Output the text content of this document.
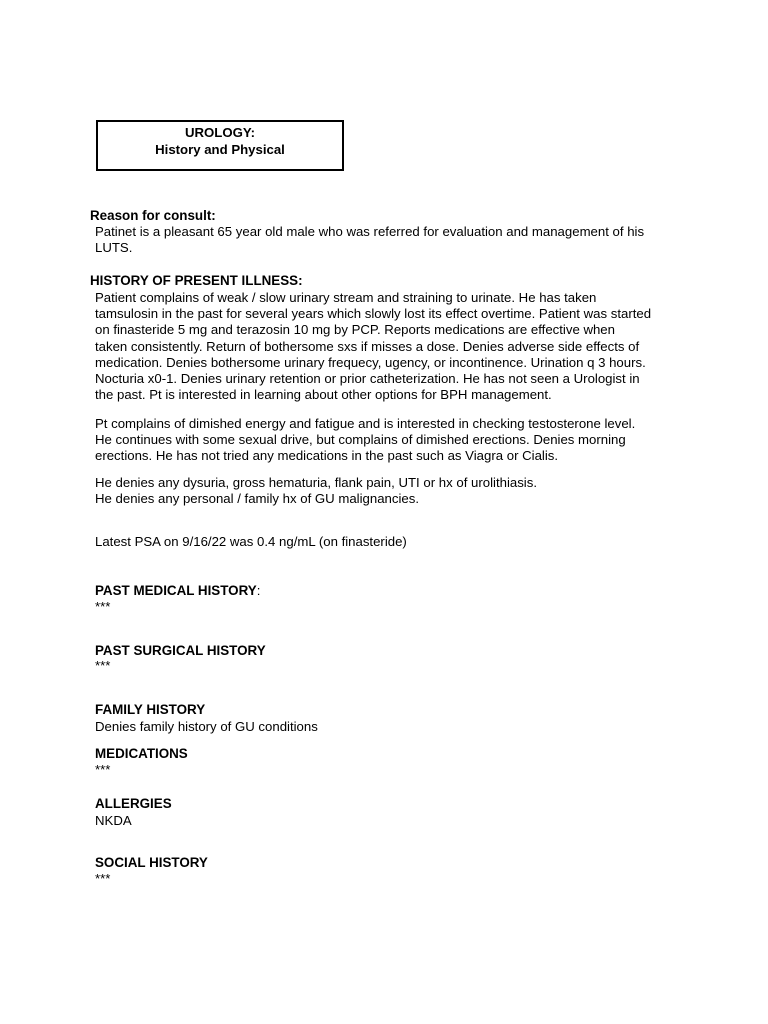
UROLOGY:
History and Physical
Reason for consult:
Patinet is a pleasant 65 year old male who was referred for evaluation and management of his
LUTS.
HISTORY OF PRESENT ILLNESS:
Patient complains of weak / slow urinary stream and straining to urinate. He has taken
tamsulosin in the past for several years which slowly lost its effect overtime. Patient was started
on finasteride 5 mg and terazosin 10 mg by PCP. Reports medications are effective when
taken consistently. Return of bothersome sxs if misses a dose. Denies adverse side effects of
medication. Denies bothersome urinary frequecy, ugency, or incontinence. Urination q 3 hours.
Nocturia x0-1. Denies urinary retention or prior catheterization. He has not seen a Urologist in
the past. Pt is interested in learning about other options for BPH management.
Pt complains of dimished energy and fatigue and is interested in checking testosterone level.
He continues with some sexual drive, but complains of dimished erections. Denies morning
erections. He has not tried any medications in the past such as Viagra or Cialis.
He denies any dysuria, gross hematuria, flank pain, UTI or hx of urolithiasis.
He denies any personal / family hx of GU malignancies.
Latest PSA on 9/16/22 was 0.4 ng/mL (on finasteride)
PAST MEDICAL HISTORY:
***
PAST SURGICAL HISTORY
***
FAMILY HISTORY
Denies family history of GU conditions
MEDICATIONS
***
ALLERGIES
NKDA
SOCIAL HISTORY
***
